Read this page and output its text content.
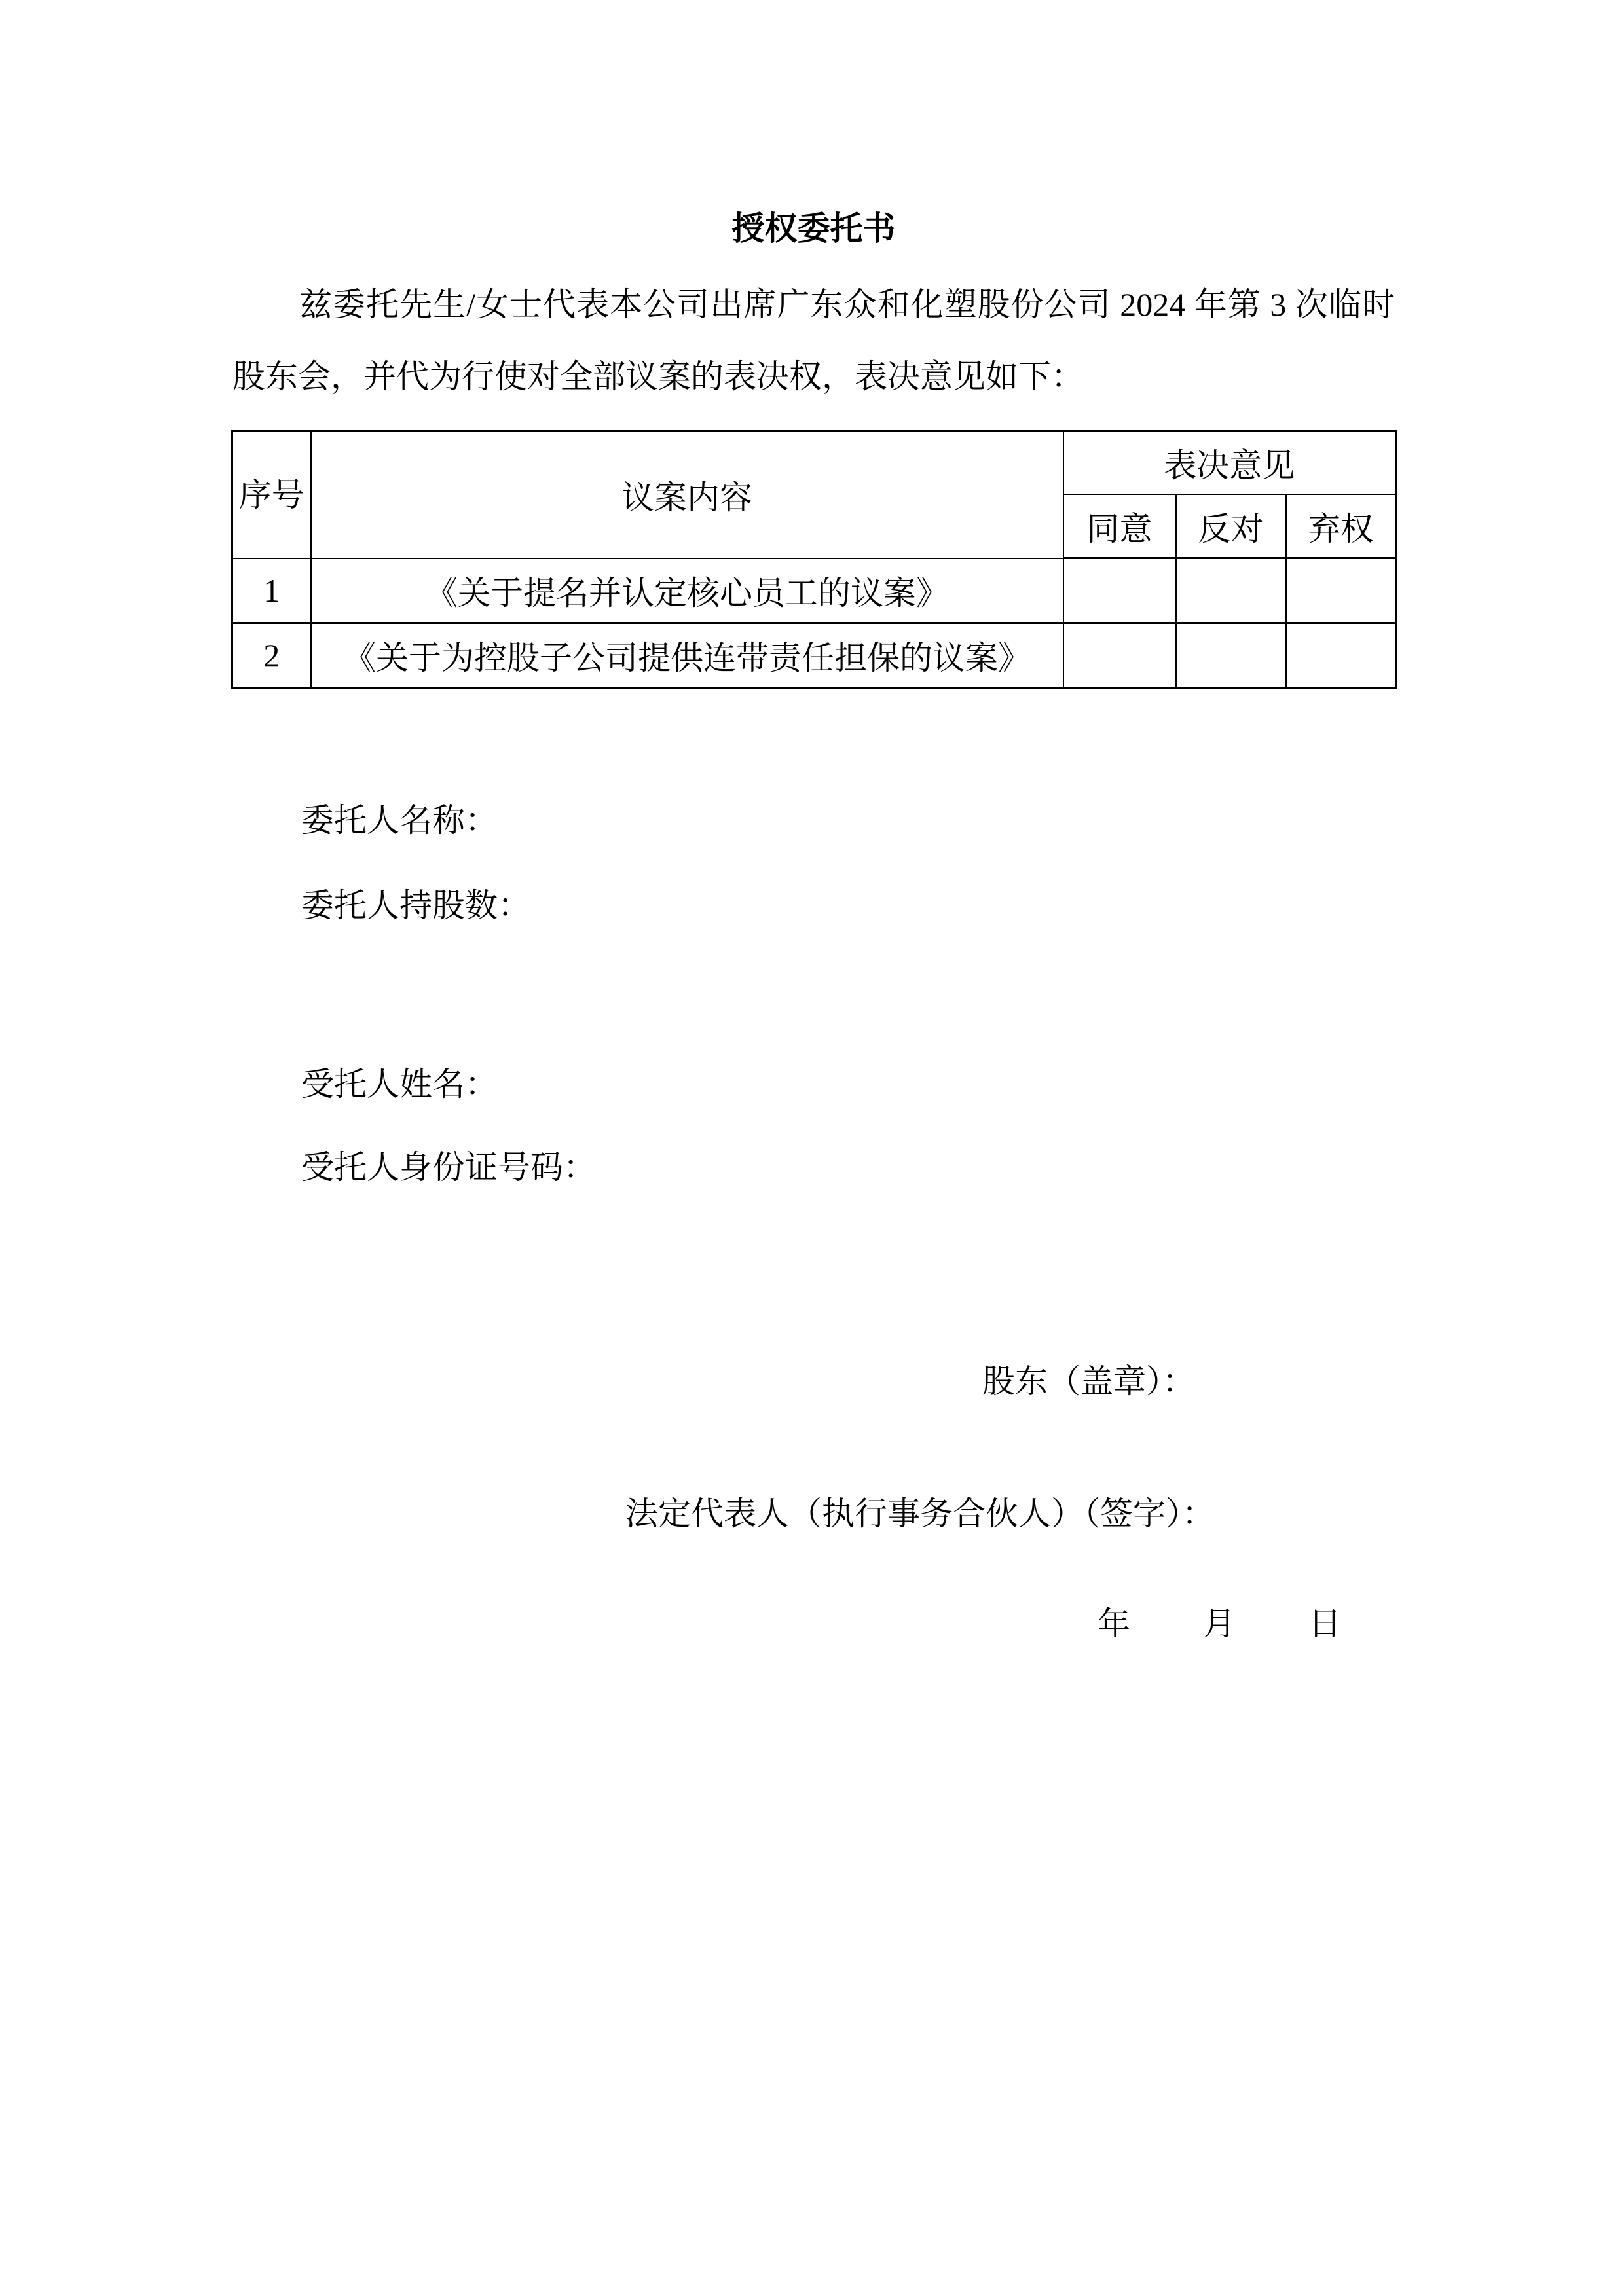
授权委托书

兹委托先生/女士代表本公司出席广东众和化塑股份公司 2024 年第 3 次临时股东会，并代为行使对全部议案的表决权，表决意见如下：

序号	议案内容	表决意见		
		同意	反对	弃权
1	《关于提名并认定核心员工的议案》			
2	《关于为控股子公司提供连带责任担保的议案》			

委托人名称：

委托人持股数：

受托人姓名：

受托人身份证号码：

股东（盖章）：

法定代表人（执行事务合伙人）（签字）：

年 月 日
